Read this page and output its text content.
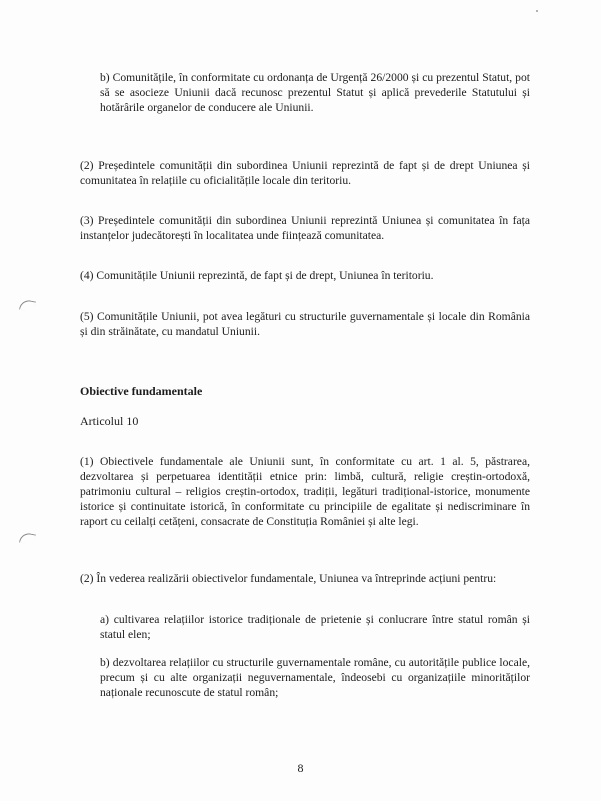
b) Comunitățile, în conformitate cu ordonanța de Urgență 26/2000 și cu prezentul Statut, pot să se asocieze Uniunii dacă recunosc prezentul Statut și aplică prevederile Statutului și hotărârile organelor de conducere ale Uniunii.

(2) Președintele comunității din subordinea Uniunii reprezintă de fapt și de drept Uniunea și comunitatea în relațiile cu oficialitățile locale din teritoriu.

(3) Președintele comunității din subordinea Uniunii reprezintă Uniunea și comunitatea în fața instanțelor judecătorești în localitatea unde ființează comunitatea.

(4) Comunitățile Uniunii reprezintă, de fapt și de drept, Uniunea în teritoriu.

(5) Comunitățile Uniunii, pot avea legături cu structurile guvernamentale și locale din România și din străinătate, cu mandatul Uniunii.

Obiective fundamentale

Articolul 10

(1) Obiectivele fundamentale ale Uniunii sunt, în conformitate cu art. 1 al. 5, păstrarea, dezvoltarea și perpetuarea identității etnice prin: limbă, cultură, religie creștin-ortodoxă, patrimoniu cultural – religios creștin-ortodox, tradiții, legături tradițional-istorice, monumente istorice și continuitate istorică, în conformitate cu principiile de egalitate și nediscriminare în raport cu ceilalți cetățeni, consacrate de Constituția României și alte legi.

(2) În vederea realizării obiectivelor fundamentale, Uniunea va întreprinde acțiuni pentru:

a) cultivarea relațiilor istorice tradiționale de prietenie și conlucrare între statul român și statul elen;

b) dezvoltarea relațiilor cu structurile guvernamentale române, cu autoritățile publice locale, precum și cu alte organizații neguvernamentale, îndeosebi cu organizațiile minorităților naționale recunoscute de statul român;

8
